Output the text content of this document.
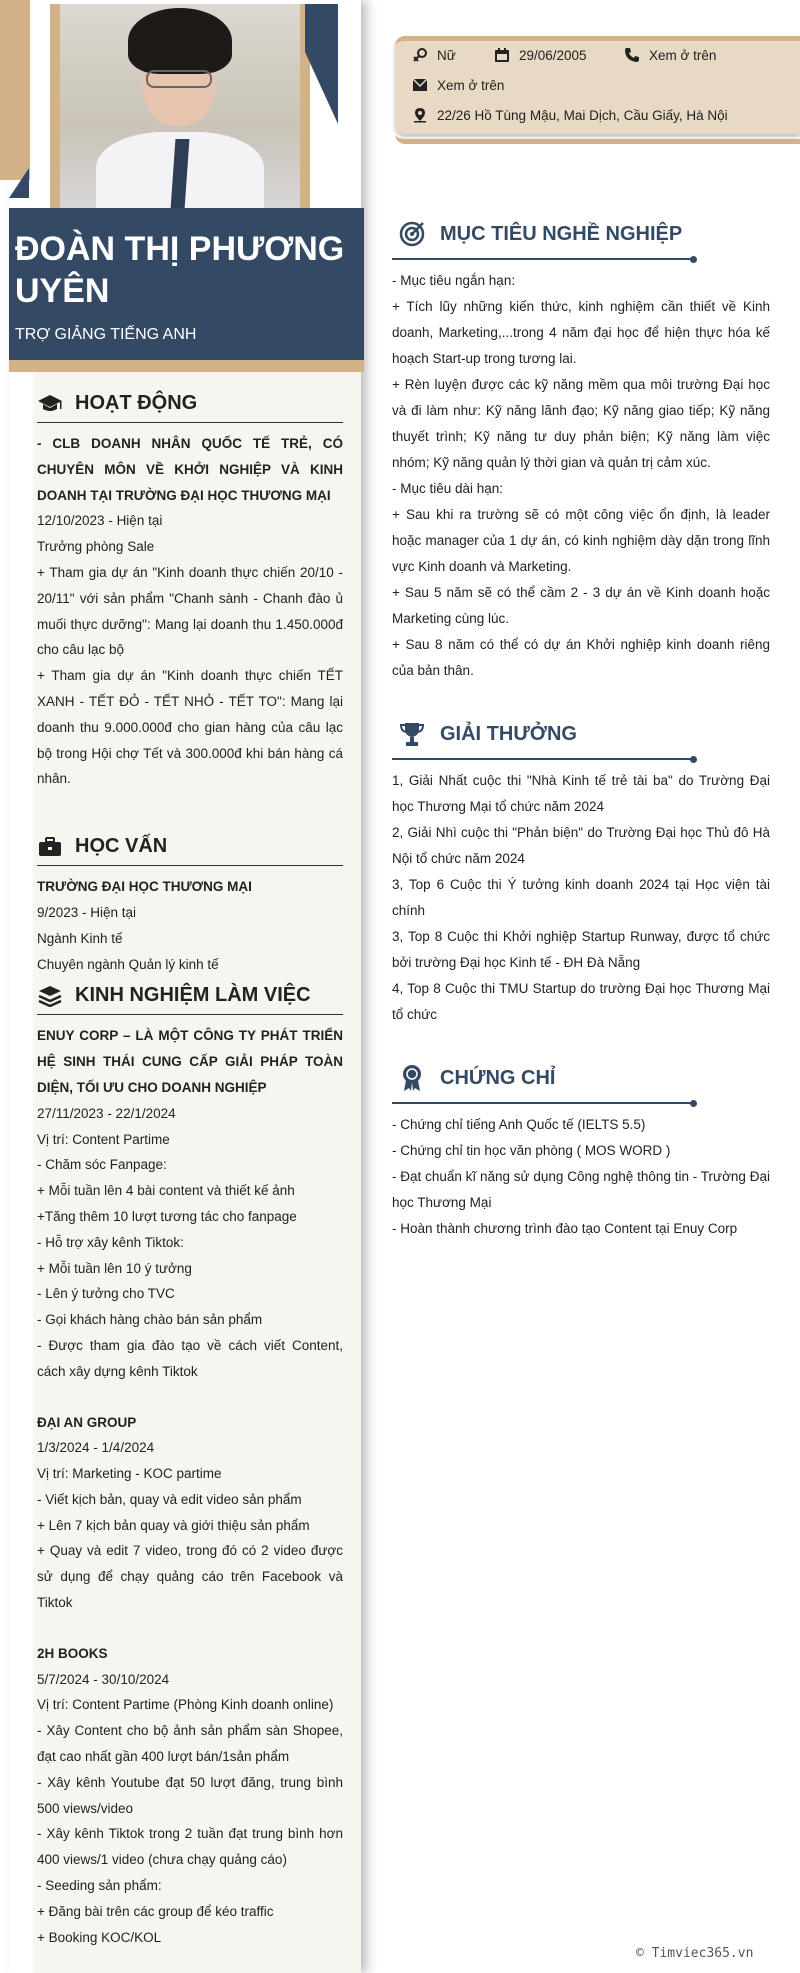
ĐOÀN THỊ PHƯƠNG UYÊN
TRỢ GIẢNG TIẾNG ANH
HOẠT ĐỘNG
- CLB DOANH NHÂN QUỐC TẾ TRẺ, CÓ CHUYÊN MÔN VỀ KHỞI NGHIỆP VÀ KINH DOANH TẠI TRƯỜNG ĐẠI HỌC THƯƠNG MẠI
12/10/2023 - Hiện tại
Trưởng phòng Sale
+ Tham gia dự án "Kinh doanh thực chiến 20/10 - 20/11" với sản phẩm "Chanh sành - Chanh đào ủ muối thực dưỡng": Mang lại doanh thu 1.450.000đ cho câu lạc bộ
+ Tham gia dự án "Kinh doanh thực chiến TẾT XANH - TẾT ĐỎ - TẾT NHỎ - TẾT TO": Mang lại doanh thu 9.000.000đ cho gian hàng của câu lạc bộ trong Hội chợ Tết và 300.000đ khi bán hàng cá nhân.
HỌC VẤN
TRƯỜNG ĐẠI HỌC THƯƠNG MẠI
9/2023 - Hiện tại
Ngành Kinh tế
Chuyên ngành Quản lý kinh tế
KINH NGHIỆM LÀM VIỆC
ENUY CORP – LÀ MỘT CÔNG TY PHÁT TRIỂN HỆ SINH THÁI CUNG CẤP GIẢI PHÁP TOÀN DIỆN, TỐI ƯU CHO DOANH NGHIỆP
27/11/2023 - 22/1/2024
Vị trí: Content Partime
- Chăm sóc Fanpage:
+ Mỗi tuần lên 4 bài content và thiết kế ảnh
+Tăng thêm 10 lượt tương tác cho fanpage
- Hỗ trợ xây kênh Tiktok:
+ Mỗi tuần lên 10 ý tưởng
- Lên ý tưởng cho TVC
- Gọi khách hàng chào bán sản phẩm
- Được tham gia đào tạo về cách viết Content, cách xây dựng kênh Tiktok
ĐẠI AN GROUP
1/3/2024 - 1/4/2024
Vị trí: Marketing - KOC partime
- Viết kịch bản, quay và edit video sản phẩm
+ Lên 7 kịch bản quay và giới thiệu sản phẩm
+ Quay và edit 7 video, trong đó có 2 video được sử dụng để chạy quảng cáo trên Facebook và Tiktok
2H BOOKS
5/7/2024 - 30/10/2024
Vị trí: Content Partime (Phòng Kinh doanh online)
- Xây Content cho bộ ảnh sản phẩm sàn Shopee, đạt cao nhất gần 400 lượt bán/1sản phẩm
- Xây kênh Youtube đạt 50 lượt đăng, trung bình 500 views/video
- Xây kênh Tiktok trong 2 tuần đạt trung bình hơn 400 views/1 video (chưa chạy quảng cáo)
- Seeding sản phẩm:
+ Đăng bài trên các group để kéo traffic
+ Booking KOC/KOL
Nữ	29/06/2005	Xem ở trên
Xem ở trên
22/26 Hồ Tùng Mậu, Mai Dịch, Cầu Giấy, Hà Nội
MỤC TIÊU NGHỀ NGHIỆP
- Mục tiêu ngắn hạn:
+ Tích lũy những kiến thức, kinh nghiệm cần thiết về Kinh doanh, Marketing,...trong 4 năm đại học để hiện thực hóa kế hoạch Start-up trong tương lai.
+ Rèn luyện được các kỹ năng mềm qua môi trường Đại học và đi làm như: Kỹ năng lãnh đạo; Kỹ năng giao tiếp; Kỹ năng thuyết trình; Kỹ năng tư duy phản biện; Kỹ năng làm việc nhóm; Kỹ năng quản lý thời gian và quản trị cảm xúc.
- Mục tiêu dài hạn:
+ Sau khi ra trường sẽ có một công việc ổn định, là leader hoặc manager của 1 dự án, có kinh nghiệm dày dặn trong lĩnh vực Kinh doanh và Marketing.
+ Sau 5 năm sẽ có thể cầm 2 - 3 dự án về Kinh doanh hoặc Marketing cùng lúc.
+ Sau 8 năm có thể có dự án Khởi nghiệp kinh doanh riêng của bản thân.
GIẢI THƯỞNG
1, Giải Nhất cuộc thi "Nhà Kinh tế trẻ tài ba" do Trường Đại học Thương Mại tổ chức năm 2024
2, Giải Nhì cuộc thi "Phản biện" do Trường Đại học Thủ đô Hà Nội tổ chức năm 2024
3, Top 6 Cuộc thi Ý tưởng kinh doanh 2024 tại Học viện tài chính
3, Top 8 Cuộc thi Khởi nghiệp Startup Runway, được tổ chức bởi trường Đại học Kinh tế - ĐH Đà Nẵng
4, Top 8 Cuộc thi TMU Startup do trường Đại học Thương Mại tổ chức
CHỨNG CHỈ
- Chứng chỉ tiếng Anh Quốc tế (IELTS 5.5)
- Chứng chỉ tin học văn phòng ( MOS WORD )
- Đạt chuẩn kĩ năng sử dụng Công nghệ thông tin - Trường Đại học Thương Mại
- Hoàn thành chương trình đào tạo Content tại Enuy Corp
© Timviec365.vn
